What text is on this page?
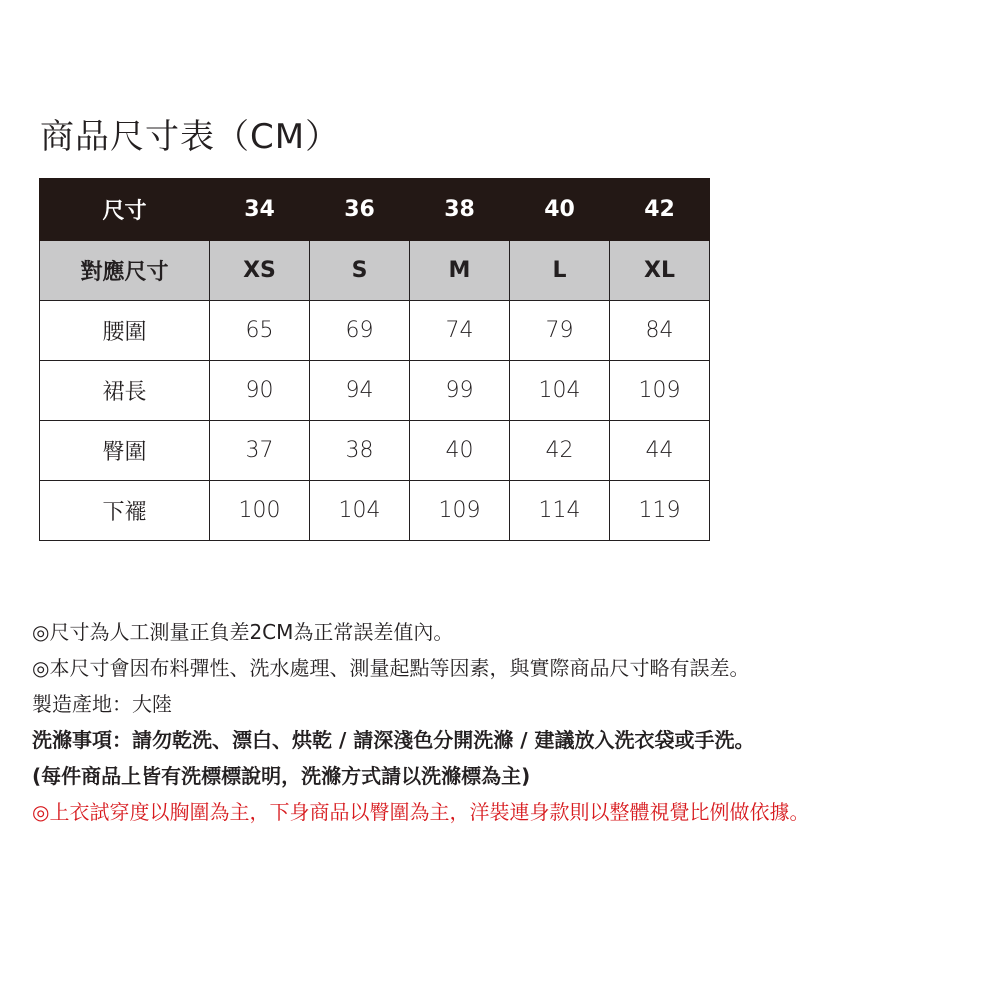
商品尺寸表（CM）
尺寸	34	36	38	40	42
對應尺寸	XS	S	M	L	XL
腰圍	65	69	74	79	84
裙長	90	94	99	104	109
臀圍	37	38	40	42	44
下襬	100	104	109	114	119
◎尺寸為人工測量正負差2CM為正常誤差值內。
◎本尺寸會因布料彈性、洗水處理、測量起點等因素，與實際商品尺寸略有誤差。
製造產地：大陸
洗滌事項：請勿乾洗、漂白、烘乾 / 請深淺色分開洗滌 / 建議放入洗衣袋或手洗。
(每件商品上皆有洗標標說明，洗滌方式請以洗滌標為主)
◎上衣試穿度以胸圍為主，下身商品以臀圍為主，洋裝連身款則以整體視覺比例做依據。
